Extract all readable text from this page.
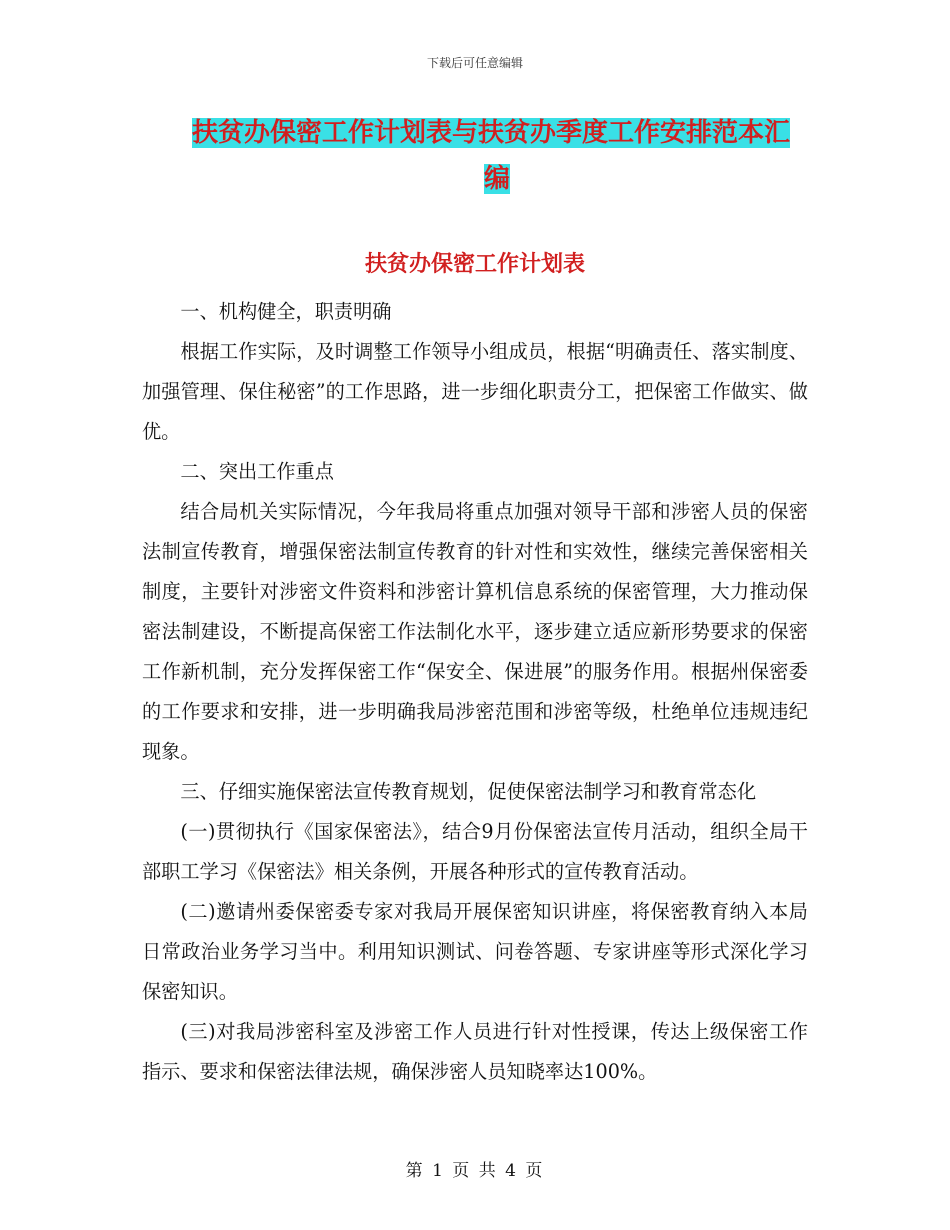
下载后可任意编辑
扶贫办保密工作计划表与扶贫办季度工作安排范本汇
编
扶贫办保密工作计划表

一、机构健全，职责明确

根据工作实际，及时调整工作领导小组成员，根据“明确责任、落实制度、加强管理、保住秘密”的工作思路，进一步细化职责分工，把保密工作做实、做优。

二、突出工作重点

结合局机关实际情况，今年我局将重点加强对领导干部和涉密人员的保密法制宣传教育，增强保密法制宣传教育的针对性和实效性，继续完善保密相关制度，主要针对涉密文件资料和涉密计算机信息系统的保密管理，大力推动保密法制建设，不断提高保密工作法制化水平，逐步建立适应新形势要求的保密工作新机制，充分发挥保密工作“保安全、保进展”的服务作用。根据州保密委的工作要求和安排，进一步明确我局涉密范围和涉密等级，杜绝单位违规违纪现象。

三、仔细实施保密法宣传教育规划，促使保密法制学习和教育常态化

(一)贯彻执行《国家保密法》，结合9月份保密法宣传月活动，组织全局干部职工学习《保密法》相关条例，开展各种形式的宣传教育活动。

(二)邀请州委保密委专家对我局开展保密知识讲座，将保密教育纳入本局日常政治业务学习当中。利用知识测试、问卷答题、专家讲座等形式深化学习保密知识。

(三)对我局涉密科室及涉密工作人员进行针对性授课，传达上级保密工作指示、要求和保密法律法规，确保涉密人员知晓率达100%。

第 1 页 共 4 页
